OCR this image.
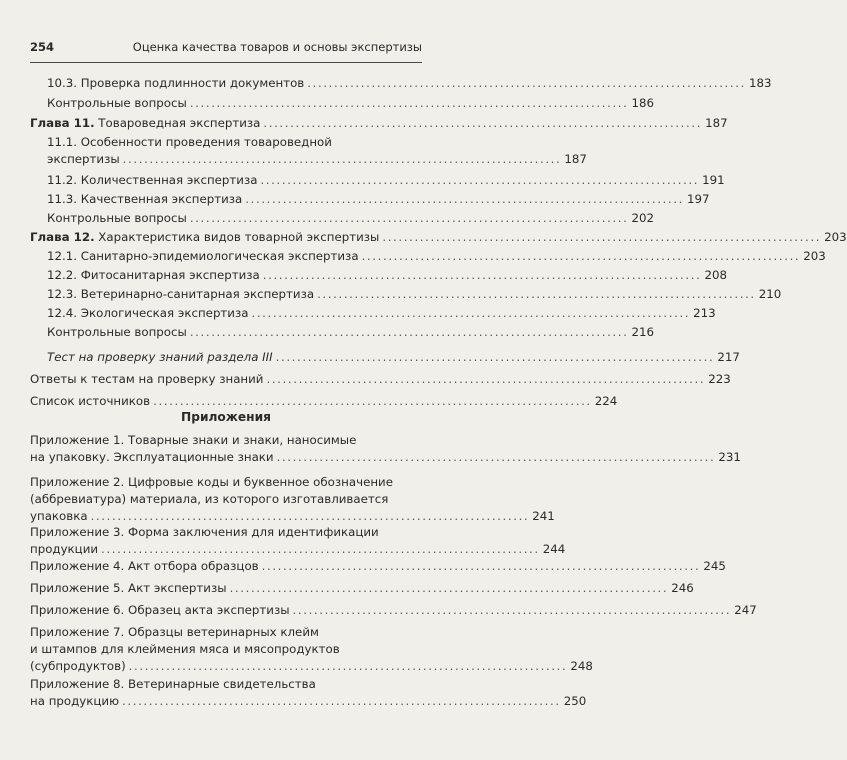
254	Оценка качества товаров и основы экспертизы
10.3. Проверка подлинности документов .................................................................................. 183
Контрольные вопросы .................................................................................. 186
Глава 11. Товароведная экспертиза .................................................................................. 187
11.1. Особенности проведения товароведной
экспертизы .................................................................................. 187
11.2. Количественная экспертиза .................................................................................. 191
11.3. Качественная экспертиза .................................................................................. 197
Контрольные вопросы .................................................................................. 202
Глава 12. Характеристика видов товарной экспертизы .................................................................................. 203
12.1. Санитарно-эпидемиологическая экспертиза .................................................................................. 203
12.2. Фитосанитарная экспертиза .................................................................................. 208
12.3. Ветеринарно-санитарная экспертиза .................................................................................. 210
12.4. Экологическая экспертиза .................................................................................. 213
Контрольные вопросы .................................................................................. 216
Тест на проверку знаний раздела III .................................................................................. 217
Ответы к тестам на проверку знаний .................................................................................. 223
Список источников .................................................................................. 224
Приложения
Приложение 1. Товарные знаки и знаки, наносимые
на упаковку. Эксплуатационные знаки .................................................................................. 231
Приложение 2. Цифровые коды и буквенное обозначение
(аббревиатура) материала, из которого изготавливается
упаковка .................................................................................. 241
Приложение 3. Форма заключения для идентификации
продукции .................................................................................. 244
Приложение 4. Акт отбора образцов .................................................................................. 245
Приложение 5. Акт экспертизы .................................................................................. 246
Приложение 6. Образец акта экспертизы .................................................................................. 247
Приложение 7. Образцы ветеринарных клейм
и штампов для клеймения мяса и мясопродуктов
(субпродуктов) .................................................................................. 248
Приложение 8. Ветеринарные свидетельства
на продукцию .................................................................................. 250
